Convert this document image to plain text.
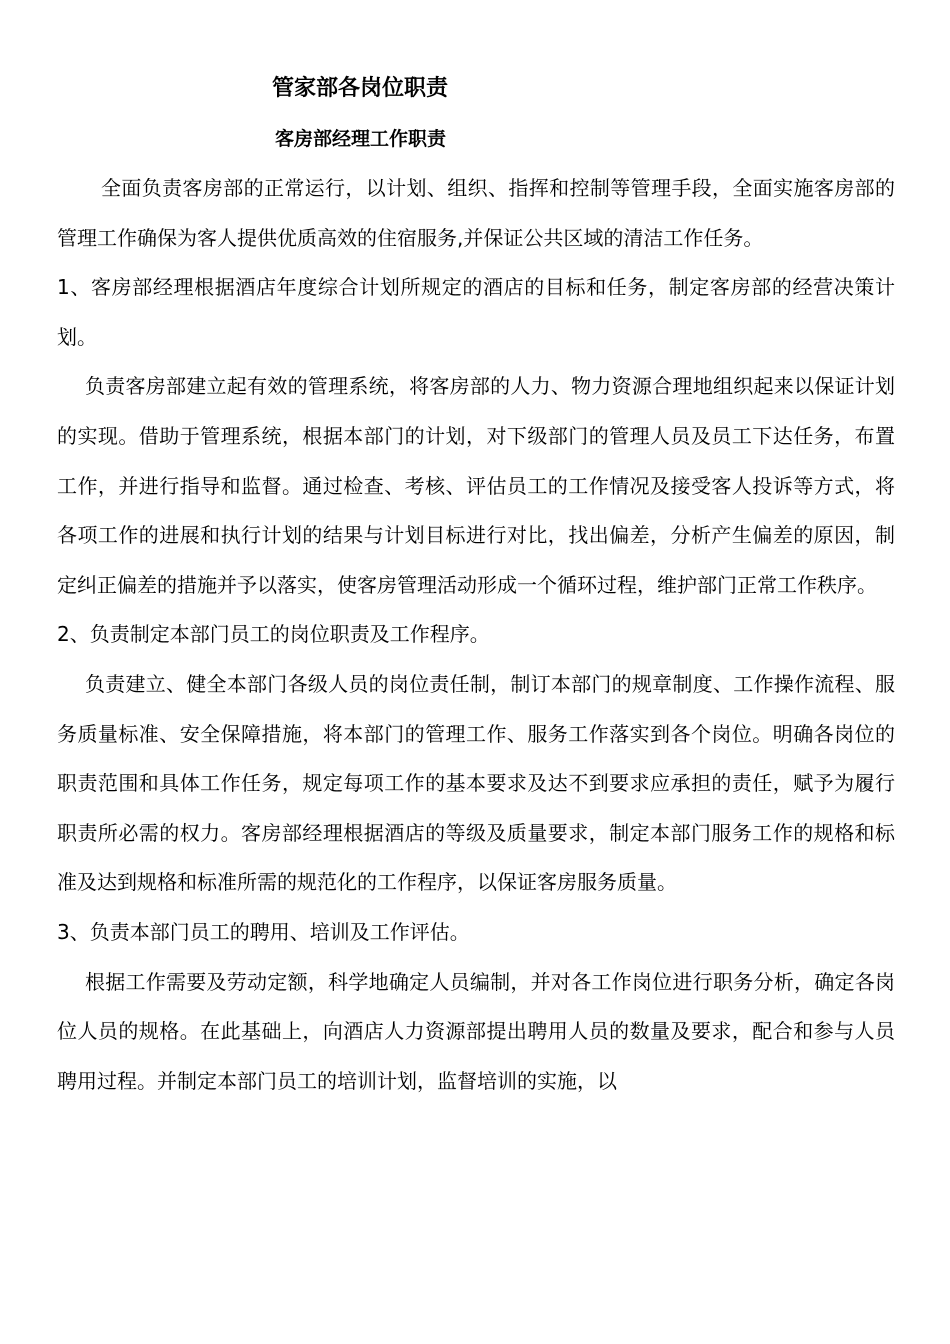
管家部各岗位职责
客房部经理工作职责

全面负责客房部的正常运行，以计划、组织、指挥和控制等管理手段，全面实施客房部的管理工作确保为客人提供优质高效的住宿服务,并保证公共区域的清洁工作任务。

1、客房部经理根据酒店年度综合计划所规定的酒店的目标和任务，制定客房部的经营决策计划。

负责客房部建立起有效的管理系统，将客房部的人力、物力资源合理地组织起来以保证计划的实现。借助于管理系统，根据本部门的计划，对下级部门的管理人员及员工下达任务，布置工作，并进行指导和监督。通过检查、考核、评估员工的工作情况及接受客人投诉等方式，将各项工作的进展和执行计划的结果与计划目标进行对比，找出偏差，分析产生偏差的原因，制定纠正偏差的措施并予以落实，使客房管理活动形成一个循环过程，维护部门正常工作秩序。

2、负责制定本部门员工的岗位职责及工作程序。

负责建立、健全本部门各级人员的岗位责任制，制订本部门的规章制度、工作操作流程、服务质量标准、安全保障措施，将本部门的管理工作、服务工作落实到各个岗位。明确各岗位的职责范围和具体工作任务，规定每项工作的基本要求及达不到要求应承担的责任，赋予为履行职责所必需的权力。客房部经理根据酒店的等级及质量要求，制定本部门服务工作的规格和标准及达到规格和标准所需的规范化的工作程序，以保证客房服务质量。

3、负责本部门员工的聘用、培训及工作评估。

根据工作需要及劳动定额，科学地确定人员编制，并对各工作岗位进行职务分析，确定各岗位人员的规格。在此基础上，向酒店人力资源部提出聘用人员的数量及要求，配合和参与人员聘用过程。并制定本部门员工的培训计划，监督培训的实施，以
